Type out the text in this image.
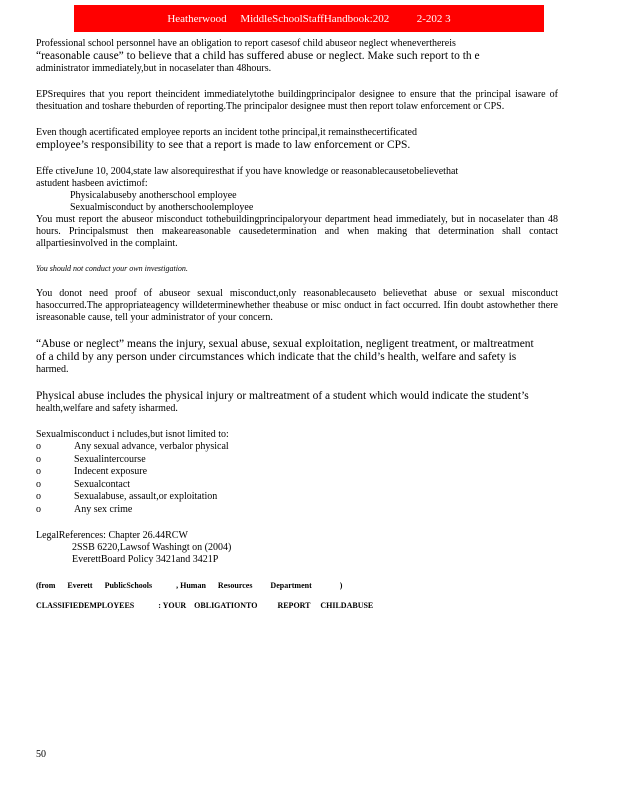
Heatherwood     MiddleSchoolStaffHandbook:202          2-202 3

Professional school personnel have an obligation to report casesof child abuseor neglect wheneverthereis

“reasonable cause” to believe that a child has suffered abuse or neglect. Make such report to th e

administrator immediately,but in nocaselater than 48hours.

EPSrequires that you report theincident immediatelytothe buildingprincipalor designee to ensure that the principal isaware of thesituation and toshare theburden of reporting.The principalor designee must then report tolaw enforcement or CPS.

Even though acertificated employee reports an incident tothe principal,it remainsthecertificated

employee’s responsibility to see that a report is made to law enforcement or CPS.

Effe ctiveJune 10, 2004,state law alsorequiresthat if you have knowledge or reasonablecausetobelievethat

astudent hasbeen avictimof:

Physicalabuseby anotherschool employee
Sexualmisconduct by anotherschoolemployee

You must report the abuseor misconduct tothebuildingprincipaloryour department head immediately, but in nocaselater than 48 hours. Principalsmust then makeareasonable causedetermination and when making that determination shall contact allpartiesinvolved in the complaint.

You should not conduct your own investigation.

You donot need proof of abuseor sexual misconduct,only reasonablecauseto believethat abuse or sexual misconduct hasoccurred.The appropriateagency willdeterminewhether theabuse or misc onduct in fact occurred. Ifin doubt astowhether there isreasonable cause, tell your administrator of your concern.

“Abuse or neglect” means the injury, sexual abuse, sexual exploitation, negligent treatment, or maltreatment

of a child by any person under circumstances which indicate that the child’s health, welfare and safety is

harmed.

Physical abuse includes the physical injury or maltreatment of a student which would indicate the student’s

health,welfare and safety isharmed.

Sexualmisconduct i ncludes,but isnot limited to:

o	Any sexual advance, verbalor physical
o	Sexualintercourse
o	Indecent exposure
o	Sexualcontact
o	Sexualabuse, assault,or exploitation
o	Any sex crime
LegalReferences: Chapter 26.44RCW
2SSB 6220,Lawsof Washingt on (2004)
EverettBoard Policy 3421and 3421P
(from      Everett      PublicSchools            , Human      Resources         Department              )
CLASSIFIEDEMPLOYEES            : YOUR    OBLIGATIONTO          REPORT     CHILDABUSE
50
